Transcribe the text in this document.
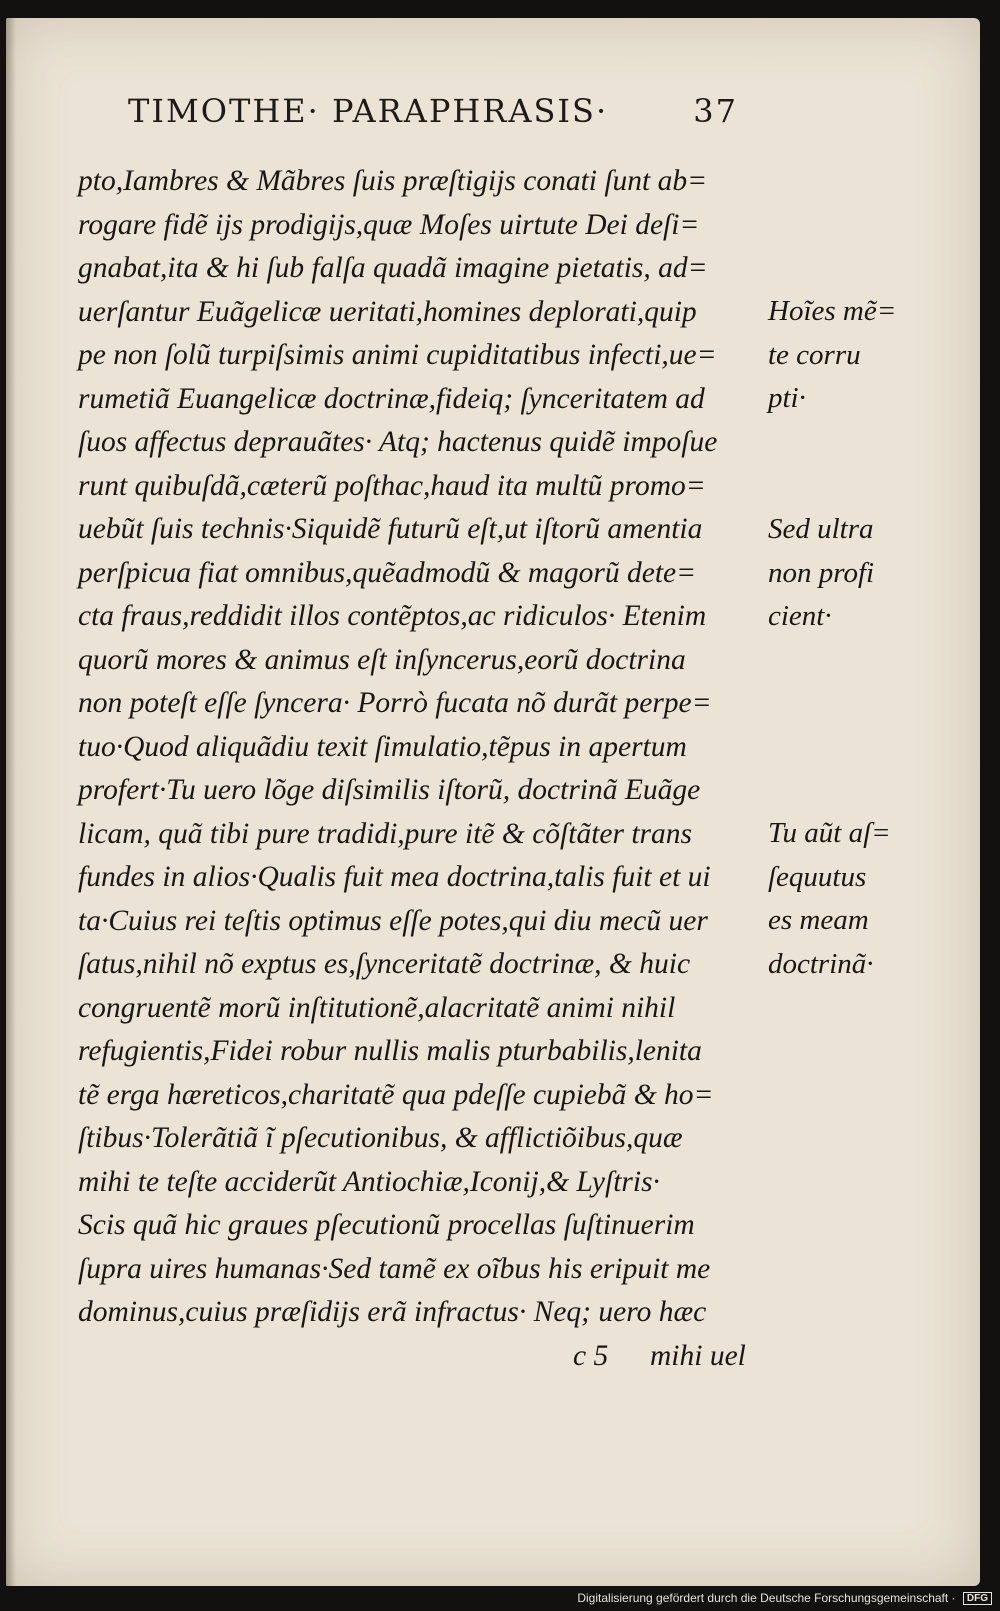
TIMOTHE· PARAPHRASIS·	37
pto,Iambres & Mãbres ſuis præſtigijs conati ſunt ab=
rogare fidẽ ijs prodigijs,quæ Moſes uirtute Dei deſi=
gnabat,ita & hi ſub falſa quadã imagine pietatis, ad=
uerſantur Euãgelicæ ueritati,homines deplorati,quip
pe non ſolũ turpiſsimis animi cupiditatibus infecti,ue=
rumetiã Euangelicæ doctrinæ,fideiq; ſynceritatem ad
ſuos affectus deprauãtes· Atq; hactenus quidẽ impoſue
runt quibuſdã,cæterũ poſthac,haud ita multũ promo=
uebũt ſuis technis·Siquidẽ futurũ eſt,ut iſtorũ amentia
perſpicua fiat omnibus,quẽadmodũ & magorũ dete=
cta fraus,reddidit illos contẽptos,ac ridiculos· Etenim
quorũ mores & animus eſt inſyncerus,eorũ doctrina
non poteſt eſſe ſyncera· Porrò fucata nõ durãt perpe=
tuo·Quod aliquãdiu texit ſimulatio,tẽpus in apertum
profert·Tu uero lõge diſsimilis iſtorũ, doctrinã Euãge
licam, quã tibi pure tradidi,pure itẽ & cõſtãter trans
fundes in alios·Qualis fuit mea doctrina,talis fuit et ui
ta·Cuius rei teſtis optimus eſſe potes,qui diu mecũ uer
ſatus,nihil nõ exptus es,ſynceritatẽ doctrinæ, & huic
congruentẽ morũ inſtitutionẽ,alacritatẽ animi nihil
refugientis,Fidei robur nullis malis pturbabilis,lenita
tẽ erga hæreticos,charitatẽ qua pdeſſe cupiebã & ho=
ſtibus·Tolerãtiã ĩ pſecutionibus, & afflictiõibus,quæ
mihi te teſte acciderũt Antiochiæ,Iconij,& Lyſtris·
Scis quã hic graues pſecutionũ procellas ſuſtinuerim
ſupra uires humanas·Sed tamẽ ex oĩbus his eripuit me
dominus,cuius præſidijs erã infractus· Neq; uero hæc
c 5 mihi uel
Hoĩes mẽ=
te corru
pti·
Sed ultra
non profi
cient·
Tu aũt aſ=
ſequutus
es meam
doctrinã·
Digitalisierung gefördert durch die Deutsche Forschungsgemeinschaft · DFG
